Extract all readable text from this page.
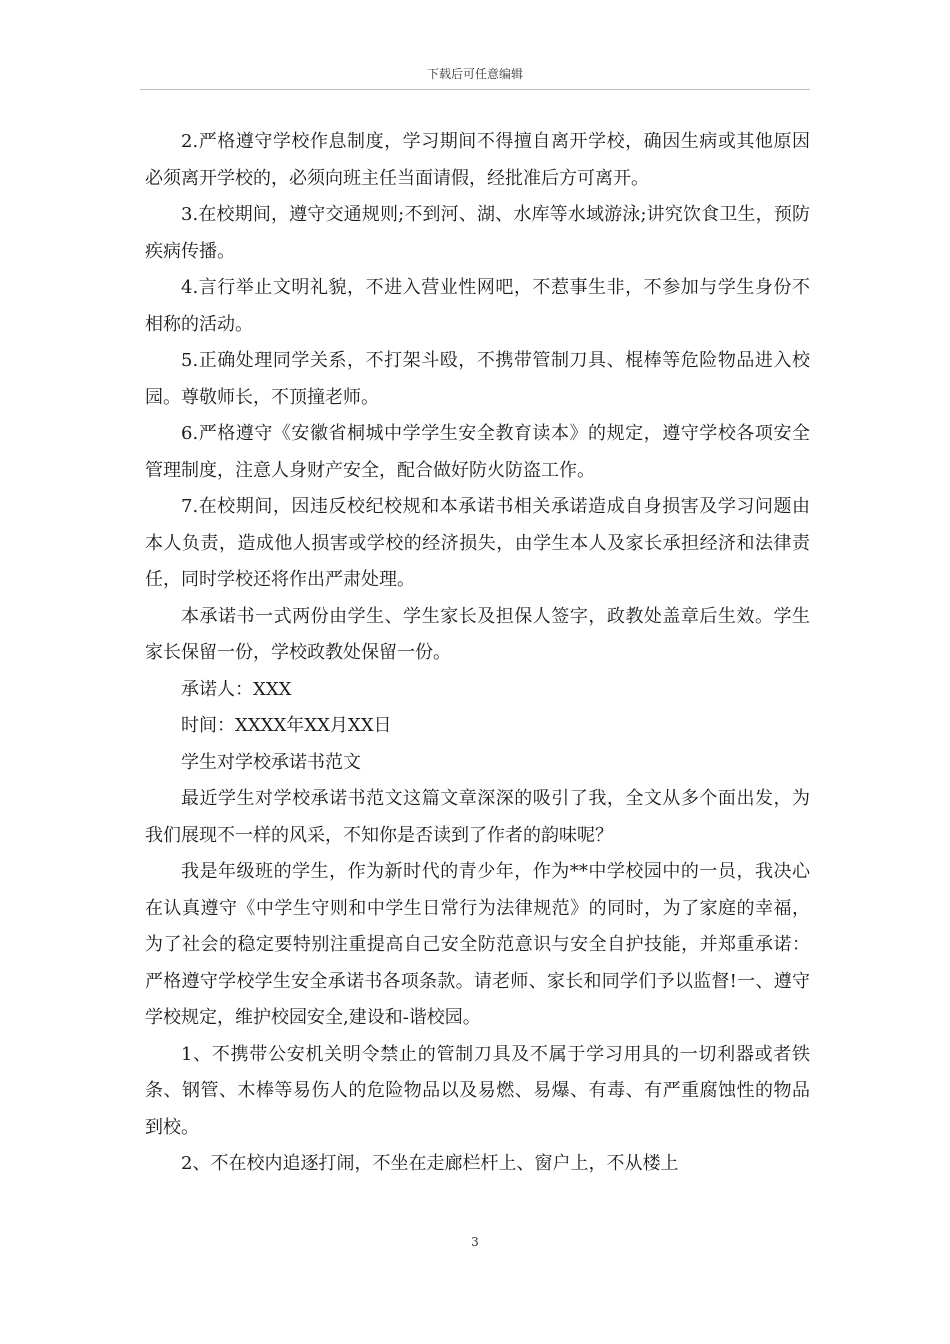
下载后可任意编辑

2.严格遵守学校作息制度，学习期间不得擅自离开学校，确因生病或其他原因必须离开学校的，必须向班主任当面请假，经批准后方可离开。

3.在校期间，遵守交通规则;不到河、湖、水库等水域游泳;讲究饮食卫生，预防疾病传播。

4.言行举止文明礼貌，不进入营业性网吧，不惹事生非，不参加与学生身份不相称的活动。

5.正确处理同学关系，不打架斗殴，不携带管制刀具、棍棒等危险物品进入校园。尊敬师长，不顶撞老师。

6.严格遵守《安徽省桐城中学学生安全教育读本》的规定，遵守学校各项安全管理制度，注意人身财产安全，配合做好防火防盗工作。

7.在校期间，因违反校纪校规和本承诺书相关承诺造成自身损害及学习问题由本人负责，造成他人损害或学校的经济损失，由学生本人及家长承担经济和法律责任，同时学校还将作出严肃处理。

本承诺书一式两份由学生、学生家长及担保人签字，政教处盖章后生效。学生家长保留一份，学校政教处保留一份。

承诺人：XXX

时间：XXXX年XX月XX日

学生对学校承诺书范文

最近学生对学校承诺书范文这篇文章深深的吸引了我，全文从多个面出发，为我们展现不一样的风采，不知你是否读到了作者的韵味呢？

我是年级班的学生，作为新时代的青少年，作为**中学校园中的一员，我决心在认真遵守《中学生守则和中学生日常行为法律规范》的同时，为了家庭的幸福，为了社会的稳定要特别注重提高自己安全防范意识与安全自护技能，并郑重承诺：严格遵守学校学生安全承诺书各项条款。请老师、家长和同学们予以监督!一、遵守学校规定，维护校园安全,建设和-谐校园。

1、不携带公安机关明令禁止的管制刀具及不属于学习用具的一切利器或者铁条、钢管、木棒等易伤人的危险物品以及易燃、易爆、有毒、有严重腐蚀性的物品到校。

2、不在校内追逐打闹，不坐在走廊栏杆上、窗户上，不从楼上

3
